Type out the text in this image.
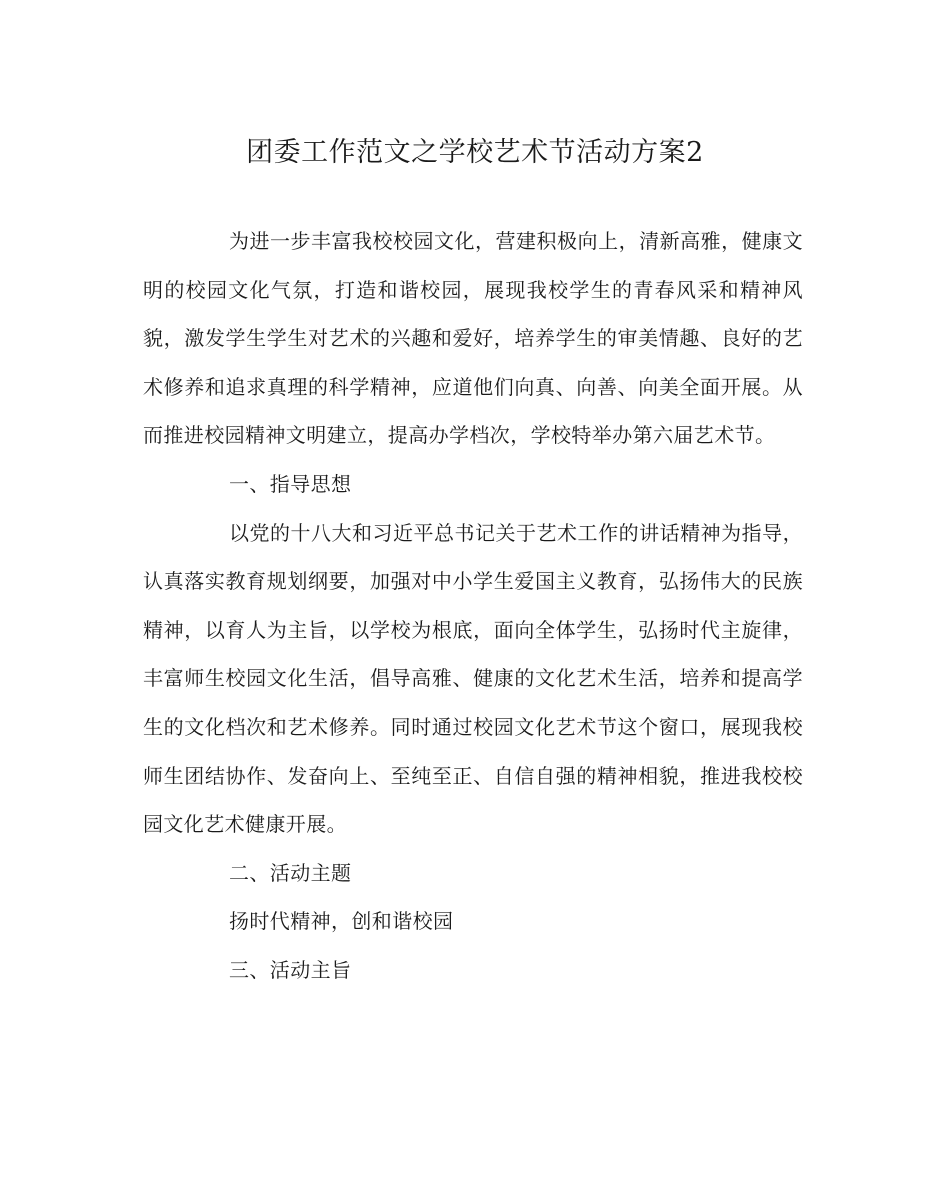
团委工作范文之学校艺术节活动方案2

为进一步丰富我校校园文化，营建积极向上，清新高雅，健康文明的校园文化气氛，打造和谐校园，展现我校学生的青春风采和精神风貌，激发学生学生对艺术的兴趣和爱好，培养学生的审美情趣、良好的艺术修养和追求真理的科学精神，应道他们向真、向善、向美全面开展。从而推进校园精神文明建立，提高办学档次，学校特举办第六届艺术节。

一、指导思想

以党的十八大和习近平总书记关于艺术工作的讲话精神为指导，认真落实教育规划纲要，加强对中小学生爱国主义教育，弘扬伟大的民族精神，以育人为主旨，以学校为根底，面向全体学生，弘扬时代主旋律，丰富师生校园文化生活，倡导高雅、健康的文化艺术生活，培养和提高学生的文化档次和艺术修养。同时通过校园文化艺术节这个窗口，展现我校师生团结协作、发奋向上、至纯至正、自信自强的精神相貌，推进我校校园文化艺术健康开展。

二、活动主题

扬时代精神，创和谐校园

三、活动主旨
